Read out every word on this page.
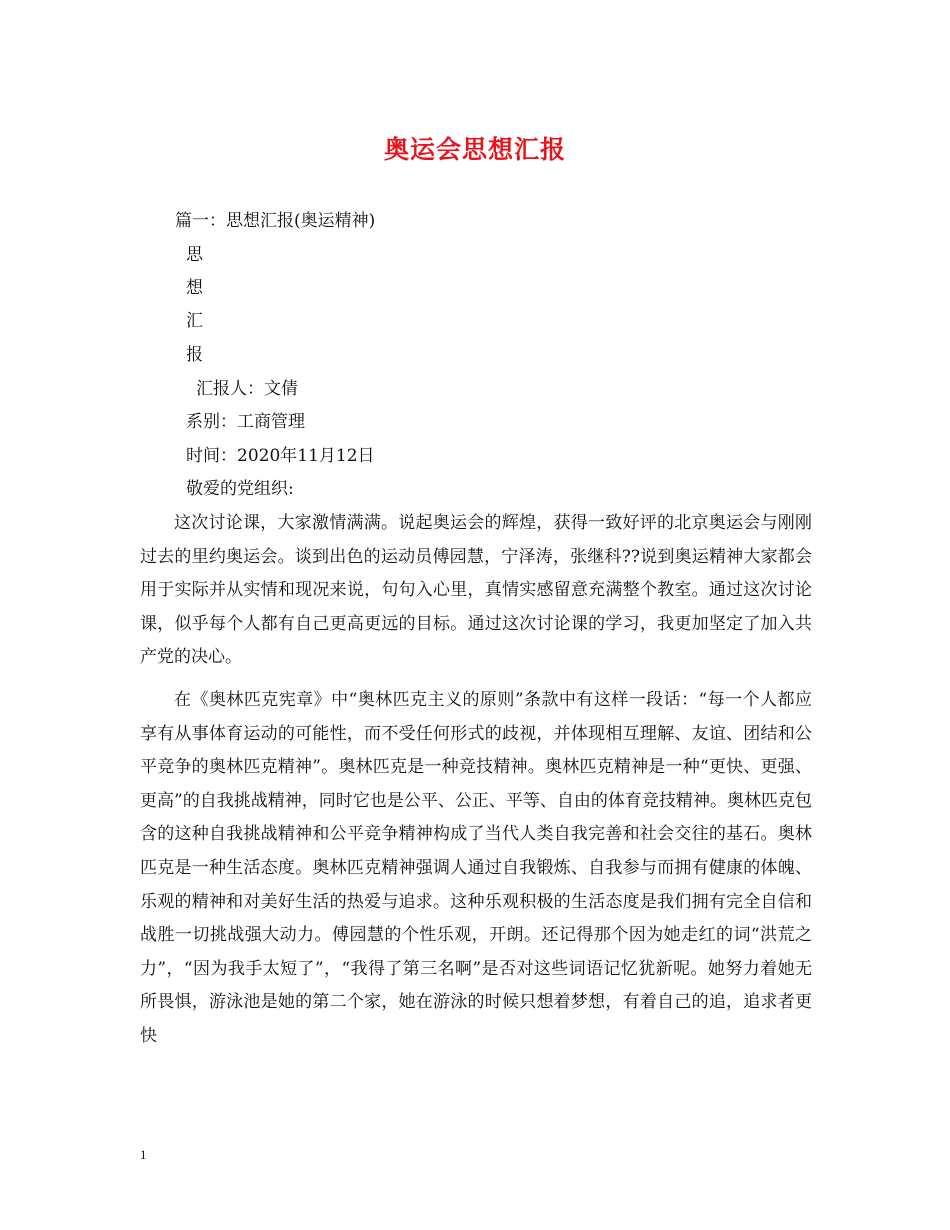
奥运会思想汇报
篇一：思想汇报(奥运精神)
思
想
汇
报
汇报人：文倩
系别：工商管理
时间：2020年11月12日
敬爱的党组织:
这次讨论课，大家激情满满。说起奥运会的辉煌，获得一致好评的北京奥运会与刚刚过去的里约奥运会。谈到出色的运动员傅园慧，宁泽涛，张继科??说到奥运精神大家都会用于实际并从实情和现况来说，句句入心里，真情实感留意充满整个教室。通过这次讨论课，似乎每个人都有自己更高更远的目标。通过这次讨论课的学习，我更加坚定了加入共产党的决心。
在《奥林匹克宪章》中“奥林匹克主义的原则”条款中有这样一段话：“每一个人都应享有从事体育运动的可能性，而不受任何形式的歧视，并体现相互理解、友谊、团结和公平竞争的奥林匹克精神”。奥林匹克是一种竞技精神。奥林匹克精神是一种“更快、更强、更高”的自我挑战精神，同时它也是公平、公正、平等、自由的体育竞技精神。奥林匹克包含的这种自我挑战精神和公平竞争精神构成了当代人类自我完善和社会交往的基石。奥林匹克是一种生活态度。奥林匹克精神强调人通过自我锻炼、自我参与而拥有健康的体魄、乐观的精神和对美好生活的热爱与追求。这种乐观积极的生活态度是我们拥有完全自信和战胜一切挑战强大动力。傅园慧的个性乐观，开朗。还记得那个因为她走红的词“洪荒之力”，“因为我手太短了”，“我得了第三名啊”是否对这些词语记忆犹新呢。她努力着她无所畏惧，游泳池是她的第二个家，她在游泳的时候只想着梦想，有着自己的追，追求者更快
1
